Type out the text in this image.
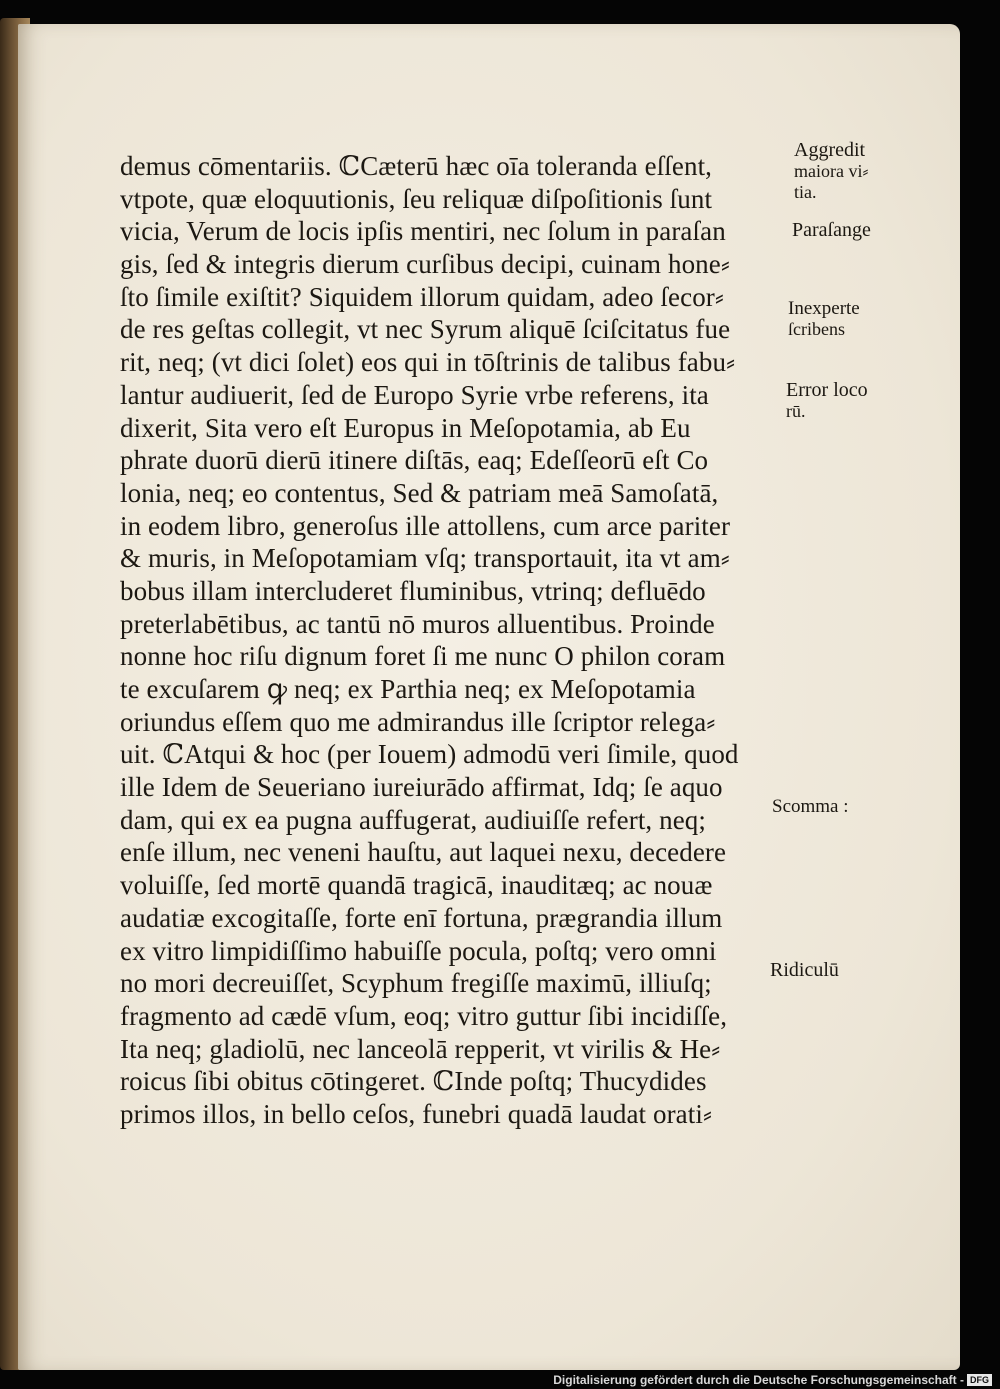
demus cōmentariis. ℂCæterū hæc oīa toleranda eſſent,
vtpote, quæ eloquutionis, ſeu reliquæ diſpoſitionis ſunt
vicia, Verum de locis ipſis mentiri, nec ſolum in paraſan
gis, ſed & integris dierum curſibus decipi, cuinam hone⸗
ſto ſimile exiſtit? Siquidem illorum quidam, adeo ſecor⸗
de res geſtas collegit, vt nec Syrum aliquē ſciſcitatus fue
rit, neq; (vt dici ſolet) eos qui in tōſtrinis de talibus fabu⸗
lantur audiuerit, ſed de Europo Syrie vrbe referens, ita
dixerit, Sita vero eſt Europus in Meſopotamia, ab Eu
phrate duorū dierū itinere diſtās, eaq; Edeſſeorū eſt Co
lonia, neq; eo contentus, Sed & patriam meā Samoſatā,
in eodem libro, generoſus ille attollens, cum arce pariter
& muris, in Meſopotamiam vſq; transportauit, ita vt am⸗
bobus illam intercluderet fluminibus, vtrinq; defluēdo
preterlabētibus, ac tantū nō muros alluentibus. Proinde
nonne hoc riſu dignum foret ſi me nunc O philon coram
te excuſarem ꝙ neq; ex Parthia neq; ex Meſopotamia
oriundus eſſem quo me admirandus ille ſcriptor relega⸗
uit. ℂAtqui & hoc (per Iouem) admodū veri ſimile, quod
ille Idem de Seueriano iureiurādo affirmat, Idq; ſe aquo
dam, qui ex ea pugna auffugerat, audiuiſſe refert, neq;
enſe illum, nec veneni hauſtu, aut laquei nexu, decedere
voluiſſe, ſed mortē quandā tragicā, inauditæq; ac nouæ
audatiæ excogitaſſe, forte enī fortuna, prægrandia illum
ex vitro limpidiſſimo habuiſſe pocula, poſtq; vero omni
no mori decreuiſſet, Scyphum fregiſſe maximū, illiuſq;
fragmento ad cædē vſum, eoq; vitro guttur ſibi incidiſſe,
Ita neq; gladiolū, nec lanceolā repperit, vt virilis & He⸗
roicus ſibi obitus cōtingeret. ℂInde poſtq; Thucydides
primos illos, in bello ceſos, funebri quadā laudat orati⸗
Aggredit
maiora vi⸗
tia.
Paraſange
Inexperte
ſcribens
Error loco
rū.
Scomma :
Ridiculū
Digitalisierung gefördert durch die Deutsche Forschungsgemeinschaft - DFG
